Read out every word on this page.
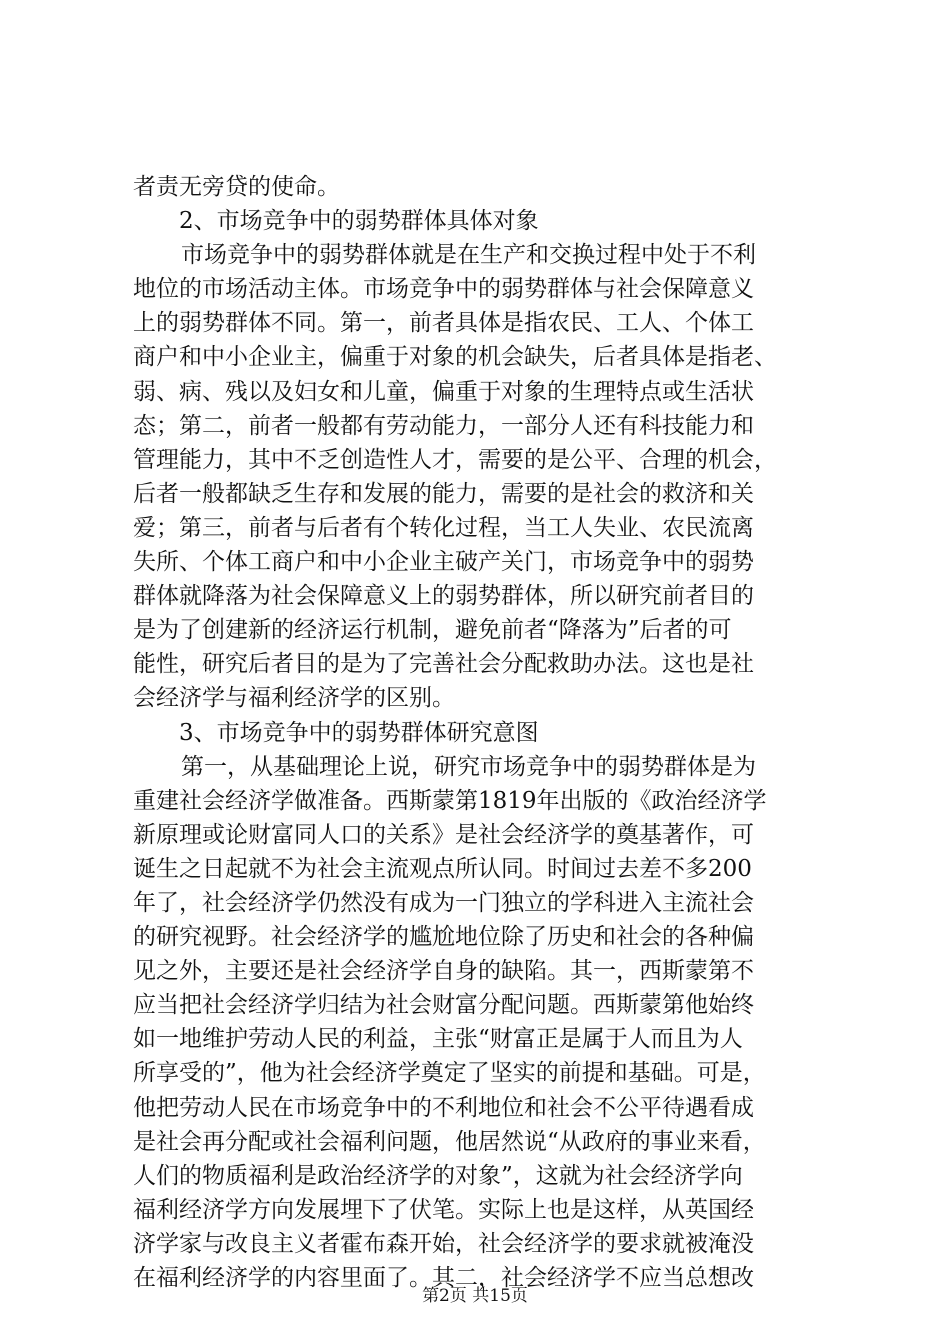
者责无旁贷的使命。
2、市场竞争中的弱势群体具体对象
市场竞争中的弱势群体就是在生产和交换过程中处于不利
地位的市场活动主体。市场竞争中的弱势群体与社会保障意义
上的弱势群体不同。第一，前者具体是指农民、工人、个体工
商户和中小企业主，偏重于对象的机会缺失，后者具体是指老、
弱、病、残以及妇女和儿童，偏重于对象的生理特点或生活状
态；第二，前者一般都有劳动能力，一部分人还有科技能力和
管理能力，其中不乏创造性人才，需要的是公平、合理的机会，
后者一般都缺乏生存和发展的能力，需要的是社会的救济和关
爱；第三，前者与后者有个转化过程，当工人失业、农民流离
失所、个体工商户和中小企业主破产关门，市场竞争中的弱势
群体就降落为社会保障意义上的弱势群体，所以研究前者目的
是为了创建新的经济运行机制，避免前者“降落为”后者的可
能性，研究后者目的是为了完善社会分配救助办法。这也是社
会经济学与福利经济学的区别。
3、市场竞争中的弱势群体研究意图
第一，从基础理论上说，研究市场竞争中的弱势群体是为
重建社会经济学做准备。西斯蒙第1819年出版的《政治经济学
新原理或论财富同人口的关系》是社会经济学的奠基著作，可
诞生之日起就不为社会主流观点所认同。时间过去差不多200
年了，社会经济学仍然没有成为一门独立的学科进入主流社会
的研究视野。社会经济学的尴尬地位除了历史和社会的各种偏
见之外，主要还是社会经济学自身的缺陷。其一，西斯蒙第不
应当把社会经济学归结为社会财富分配问题。西斯蒙第他始终
如一地维护劳动人民的利益，主张“财富正是属于人而且为人
所享受的”，他为社会经济学奠定了坚实的前提和基础。可是，
他把劳动人民在市场竞争中的不利地位和社会不公平待遇看成
是社会再分配或社会福利问题，他居然说“从政府的事业来看，
人们的物质福利是政治经济学的对象”，这就为社会经济学向
福利经济学方向发展埋下了伏笔。实际上也是这样，从英国经
济学家与改良主义者霍布森开始，社会经济学的要求就被淹没
在福利经济学的内容里面了。其二，社会经济学不应当总想改
第2页 共15页
